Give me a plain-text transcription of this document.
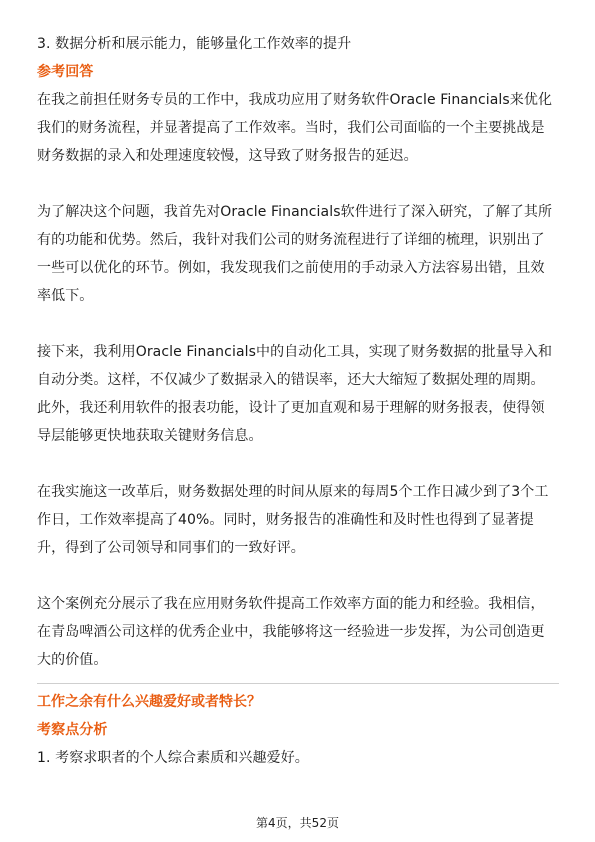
3. 数据分析和展示能力，能够量化工作效率的提升
参考回答
在我之前担任财务专员的工作中，我成功应用了财务软件Oracle Financials来优化
我们的财务流程，并显著提高了工作效率。当时，我们公司面临的一个主要挑战是
财务数据的录入和处理速度较慢，这导致了财务报告的延迟。
为了解决这个问题，我首先对Oracle Financials软件进行了深入研究，了解了其所
有的功能和优势。然后，我针对我们公司的财务流程进行了详细的梳理，识别出了
一些可以优化的环节。例如，我发现我们之前使用的手动录入方法容易出错，且效
率低下。
接下来，我利用Oracle Financials中的自动化工具，实现了财务数据的批量导入和
自动分类。这样，不仅减少了数据录入的错误率，还大大缩短了数据处理的周期。
此外，我还利用软件的报表功能，设计了更加直观和易于理解的财务报表，使得领
导层能够更快地获取关键财务信息。
在我实施这一改革后，财务数据处理的时间从原来的每周5个工作日减少到了3个工
作日，工作效率提高了40%。同时，财务报告的准确性和及时性也得到了显著提
升，得到了公司领导和同事们的一致好评。
这个案例充分展示了我在应用财务软件提高工作效率方面的能力和经验。我相信，
在青岛啤酒公司这样的优秀企业中，我能够将这一经验进一步发挥，为公司创造更
大的价值。
工作之余有什么兴趣爱好或者特长？
考察点分析
1. 考察求职者的个人综合素质和兴趣爱好。
第4页，共52页
